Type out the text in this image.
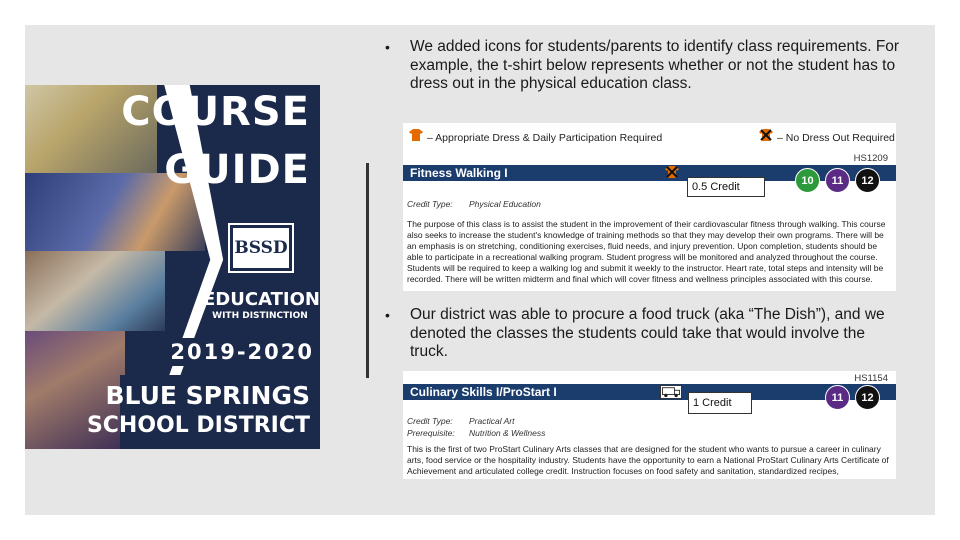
COURSE
GUIDE
BSSD
EDUCATION
WITH DISTINCTION
2019-2020
BLUE SPRINGS
SCHOOL DISTRICT
• We added icons for students/parents to identify class requirements. For example, the t-shirt below represents whether or not the student has to dress out in the physical education class.
– Appropriate Dress & Daily Participation Required	– No Dress Out Required
HS1209
Fitness Walking I
0.5 Credit	10	11	12
Credit Type: Physical Education
The purpose of this class is to assist the student in the improvement of their cardiovascular fitness through walking. This course also seeks to increase the student's knowledge of training methods so that they may develop their own programs. There will be an emphasis is on stretching, conditioning exercises, fluid needs, and injury prevention. Upon completion, students should be able to participate in a recreational walking program. Student progress will be monitored and analyzed throughout the course. Students will be required to keep a walking log and submit it weekly to the instructor. Heart rate, total steps and intensity will be recorded. There will be written midterm and final which will cover fitness and wellness principles associated with this course.
• Our district was able to procure a food truck (aka “The Dish”), and we denoted the classes the students could take that would involve the truck.
HS1154
Culinary Skills I/ProStart I
1 Credit	11	12
Credit Type: Practical Art
Prerequisite: Nutrition & Wellness
This is the first of two ProStart Culinary Arts classes that are designed for the student who wants to pursue a career in culinary arts, food service or the hospitality industry. Students have the opportunity to earn a National ProStart Culinary Arts Certificate of Achievement and articulated college credit. Instruction focuses on food safety and sanitation, standardized recipes,
